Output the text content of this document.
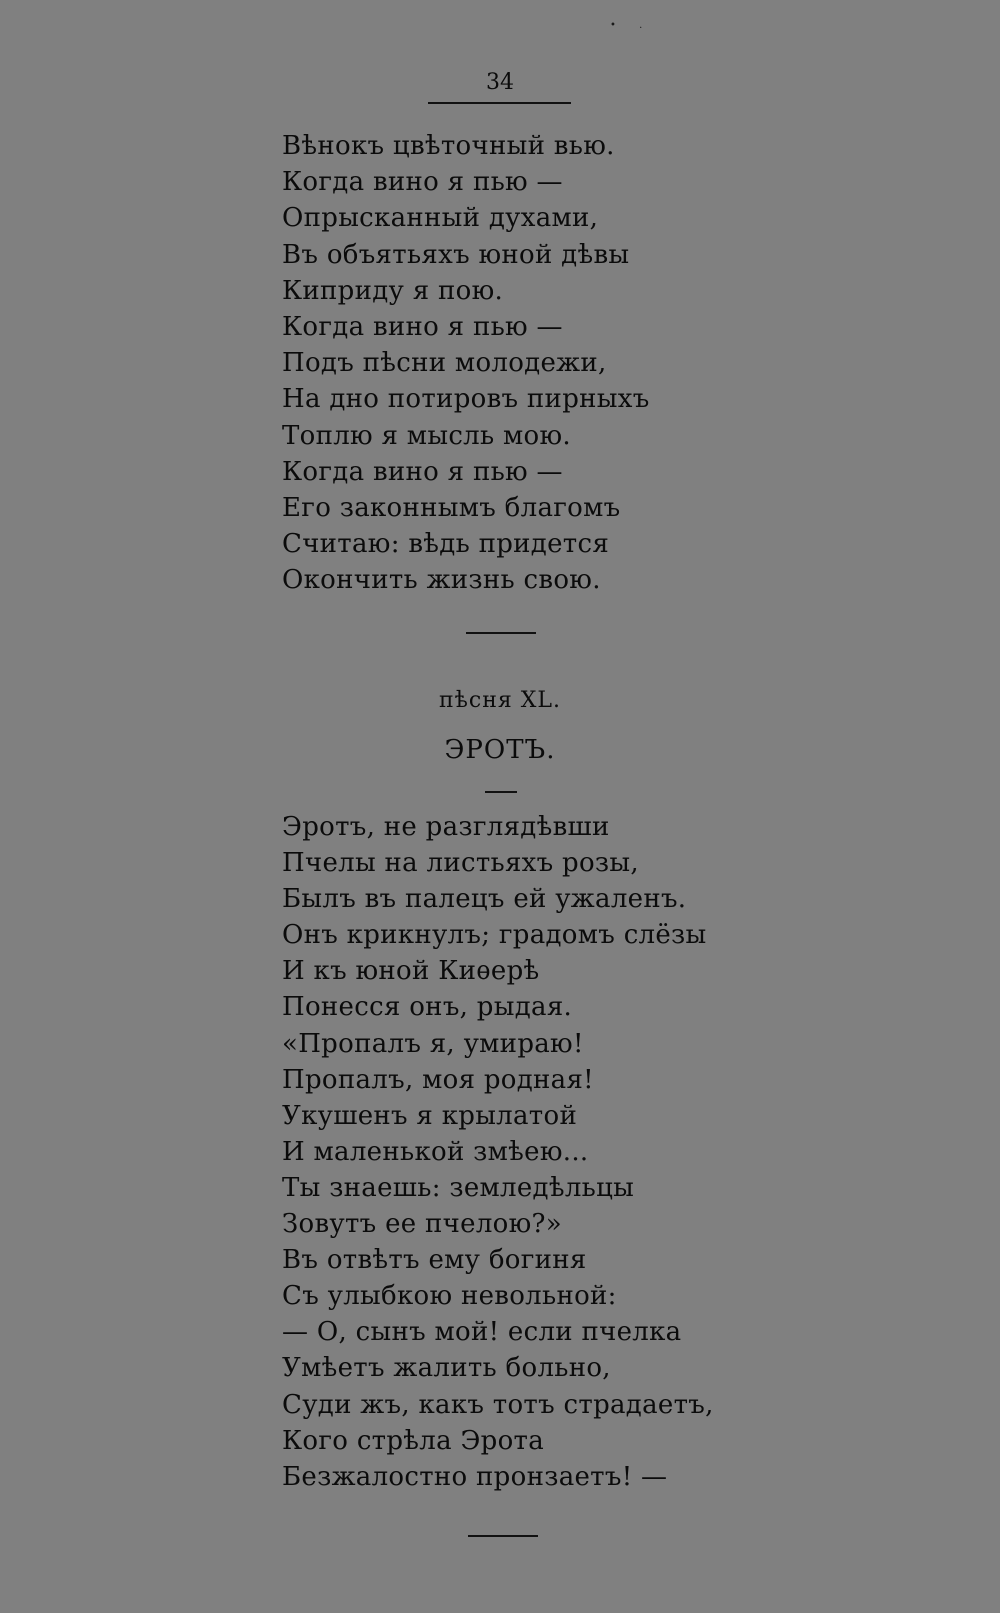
• .
34
Вѣнокъ цвѣточный вью.
Когда вино я пью —
Опрысканный духами,
Въ объятьяхъ юной дѣвы
Киприду я пою.
Когда вино я пью —
Подъ пѣсни молодежи,
На дно потировъ пирныхъ
Топлю я мысль мою.
Когда вино я пью —
Его законнымъ благомъ
Считаю: вѣдь придется
Окончить жизнь свою.
пѣсня XL.
ЭРОТЪ.
Эротъ, не разглядѣвши
Пчелы на листьяхъ розы,
Былъ въ палецъ ей ужаленъ.
Онъ крикнулъ; градомъ слёзы
И къ юной Киѳерѣ
Понесся онъ, рыдая.
«Пропалъ я, умираю!
Пропалъ, моя родная!
Укушенъ я крылатой
И маленькой змѣею...
Ты знаешь: земледѣльцы
Зовутъ ее пчелою?»
Въ отвѣтъ ему богиня
Съ улыбкою невольной:
— О, сынъ мой! если пчелка
Умѣетъ жалить больно,
Суди жъ, какъ тотъ страдаетъ,
Кого стрѣла Эрота
Безжалостно пронзаетъ! —
